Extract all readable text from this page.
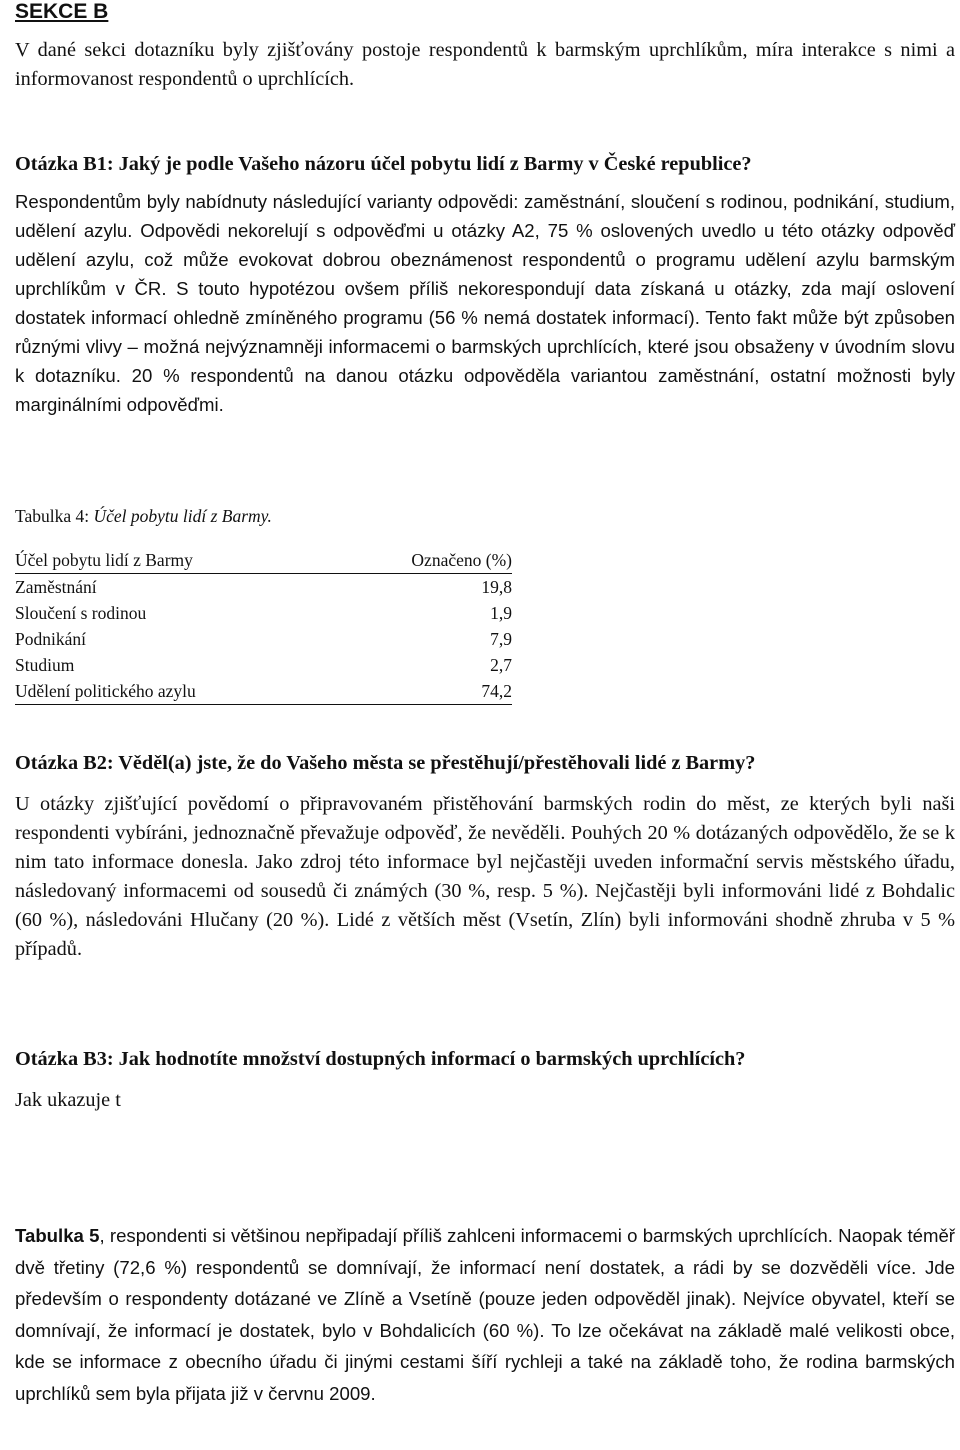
SEKCE B

V dané sekci dotazníku byly zjišťovány postoje respondentů k barmským uprchlíkům, míra interakce s nimi a informovanost respondentů o uprchlících.

Otázka B1: Jaký je podle Vašeho názoru účel pobytu lidí z Barmy v České republice?

Respondentům byly nabídnuty následující varianty odpovědi: zaměstnání, sloučení s rodinou, podnikání, studium, udělení azylu. Odpovědi nekorelují s odpověďmi u otázky A2, 75 % oslovených uvedlo u této otázky odpověď udělení azylu, což může evokovat dobrou obeznámenost respondentů o programu udělení azylu barmským uprchlíkům v ČR. S touto hypotézou ovšem příliš nekorespondují data získaná u otázky, zda mají oslovení dostatek informací ohledně zmíněného programu (56 % nemá dostatek informací). Tento fakt může být způsoben různými vlivy – možná nejvýznamněji informacemi o barmských uprchlících, které jsou obsaženy v úvodním slovu k dotazníku. 20 % respondentů na danou otázku odpověděla variantou zaměstnání, ostatní možnosti byly marginálními odpověďmi.

Tabulka 4: Účel pobytu lidí z Barmy.
Účel pobytu lidí z Barmy	Označeno (%)
Zaměstnání	19,8
Sloučení s rodinou	1,9
Podnikání	7,9
Studium	2,7
Udělení politického azylu	74,2
Otázka B2: Věděl(a) jste, že do Vašeho města se přestěhují/přestěhovali lidé z Barmy?

U otázky zjišťující povědomí o připravovaném přistěhování barmských rodin do měst, ze kterých byli naši respondenti vybíráni, jednoznačně převažuje odpověď, že nevěděli. Pouhých 20 % dotázaných odpovědělo, že se k nim tato informace donesla. Jako zdroj této informace byl nejčastěji uveden informační servis městského úřadu, následovaný informacemi od sousedů či známých (30 %, resp. 5 %). Nejčastěji byli informováni lidé z Bohdalic (60 %), následováni Hlučany (20 %). Lidé z větších měst (Vsetín, Zlín) byli informováni shodně zhruba v 5 % případů.

Otázka B3: Jak hodnotíte množství dostupných informací o barmských uprchlících?
Jak ukazuje t

Tabulka 5, respondenti si většinou nepřipadají příliš zahlceni informacemi o barmských uprchlících. Naopak téměř dvě třetiny (72,6 %) respondentů se domnívají, že informací není dostatek, a rádi by se dozvěděli více. Jde především o respondenty dotázané ve Zlíně a Vsetíně (pouze jeden odpověděl jinak). Nejvíce obyvatel, kteří se domnívají, že informací je dostatek, bylo v Bohdalicích (60 %). To lze očekávat na základě malé velikosti obce, kde se informace z obecního úřadu či jinými cestami šíří rychleji a také na základě toho, že rodina barmských uprchlíků sem byla přijata již v červnu 2009.
